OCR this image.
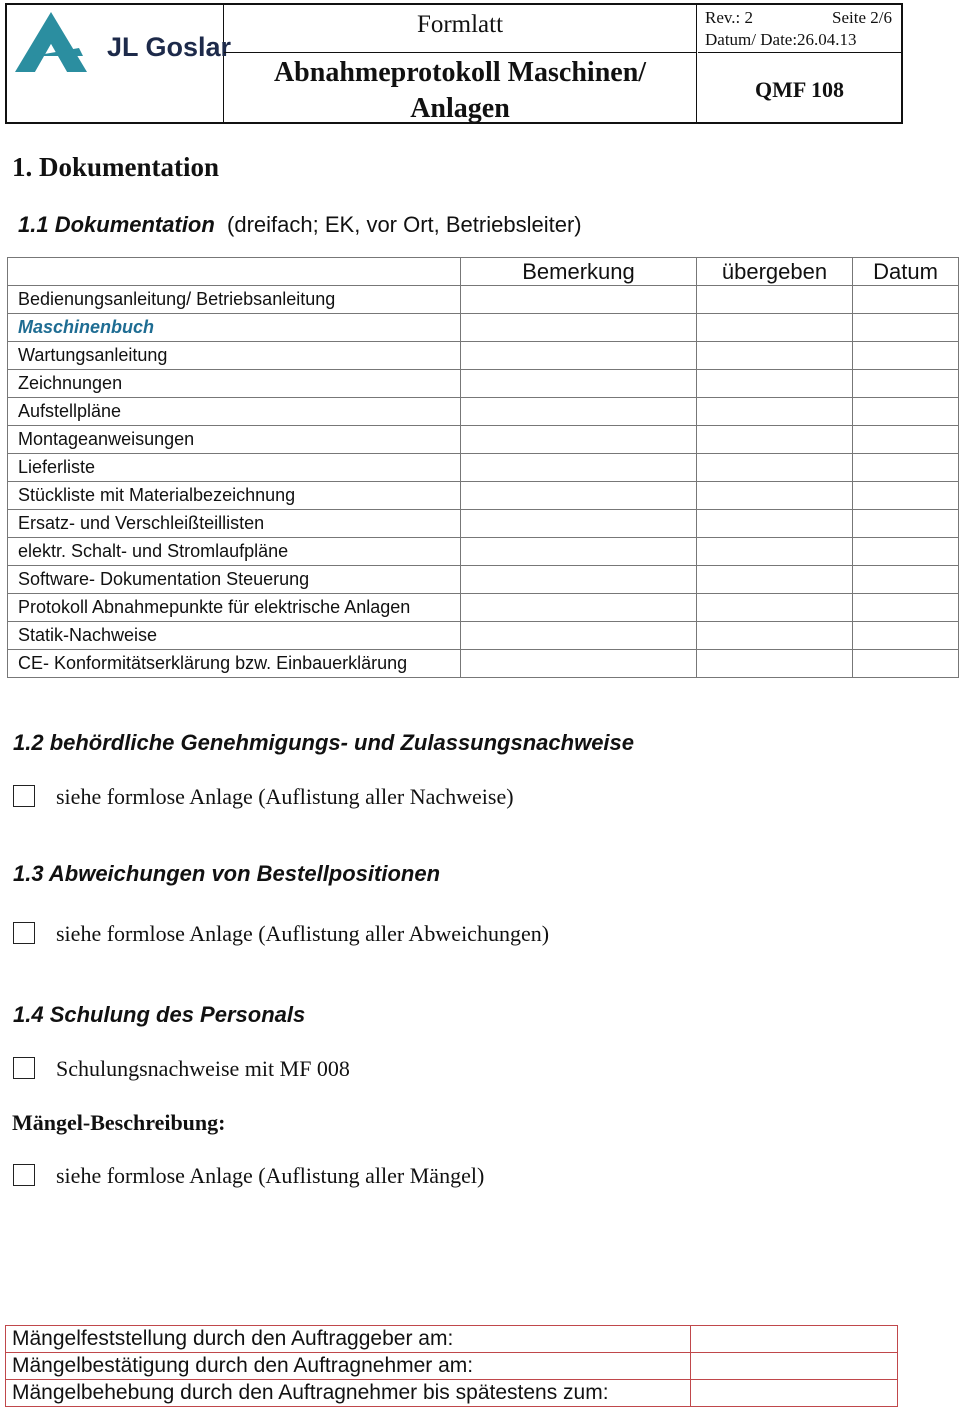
JL Goslar
Formlatt
Abnahmeprotokoll Maschinen/
Anlagen
Rev.: 2	Seite 2/6
Datum/ Date:26.04.13
QMF 108
1. Dokumentation
1.1 Dokumentation (dreifach; EK, vor Ort, Betriebsleiter)
	Bemerkung	übergeben	Datum
Bedienungsanleitung/ Betriebsanleitung			
Maschinenbuch			
Wartungsanleitung			
Zeichnungen			
Aufstellpläne			
Montageanweisungen			
Lieferliste			
Stückliste mit Materialbezeichnung			
Ersatz- und Verschleißteillisten			
elektr. Schalt- und Stromlaufpläne			
Software- Dokumentation Steuerung			
Protokoll Abnahmepunkte für elektrische Anlagen			
Statik-Nachweise			
CE- Konformitätserklärung bzw. Einbauerklärung			
1.2 behördliche Genehmigungs- und Zulassungsnachweise
siehe formlose Anlage (Auflistung aller Nachweise)
1.3 Abweichungen von Bestellpositionen
siehe formlose Anlage (Auflistung aller Abweichungen)
1.4 Schulung des Personals
Schulungsnachweise mit MF 008
Mängel-Beschreibung:
siehe formlose Anlage (Auflistung aller Mängel)
Mängelfeststellung durch den Auftraggeber am:	
Mängelbestätigung durch den Auftragnehmer am:	
Mängelbehebung durch den Auftragnehmer bis spätestens zum:	
